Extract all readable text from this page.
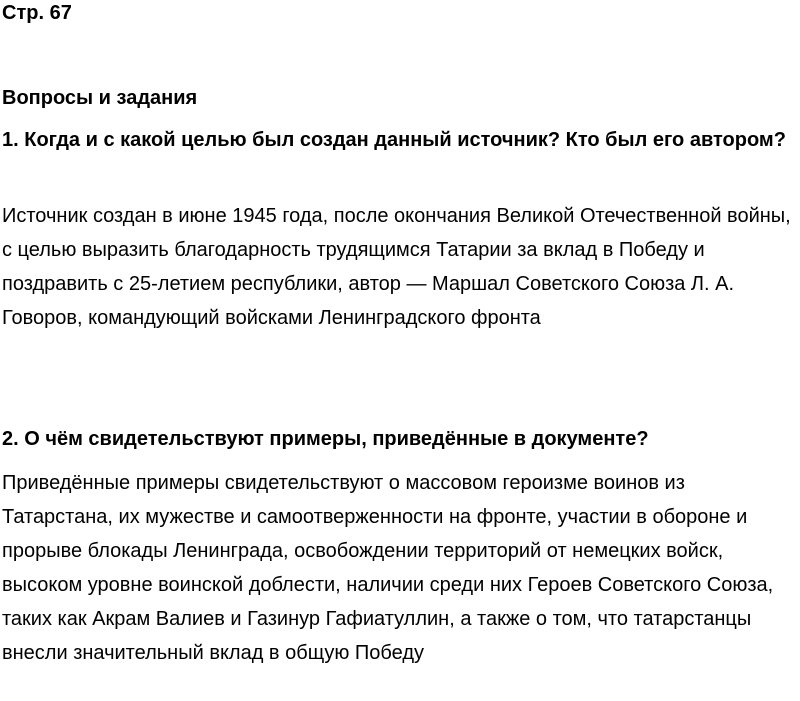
Стр. 67
Вопросы и задания

1. Когда и с какой целью был создан данный источник? Кто был его автором?

Источник создан в июне 1945 года, после окончания Великой Отечественной войны, с целью выразить благодарность трудящимся Татарии за вклад в Победу и поздравить с 25-летием республики, автор — Маршал Советского Союза Л. А. Говоров, командующий войсками Ленинградского фронта

2. О чём свидетельствуют примеры, приведённые в документе?

Приведённые примеры свидетельствуют о массовом героизме воинов из Татарстана, их мужестве и самоотверженности на фронте, участии в обороне и прорыве блокады Ленинграда, освобождении территорий от немецких войск, высоком уровне воинской доблести, наличии среди них Героев Советского Союза, таких как Акрам Валиев и Газинур Гафиатуллин, а также о том, что татарстанцы внесли значительный вклад в общую Победу
